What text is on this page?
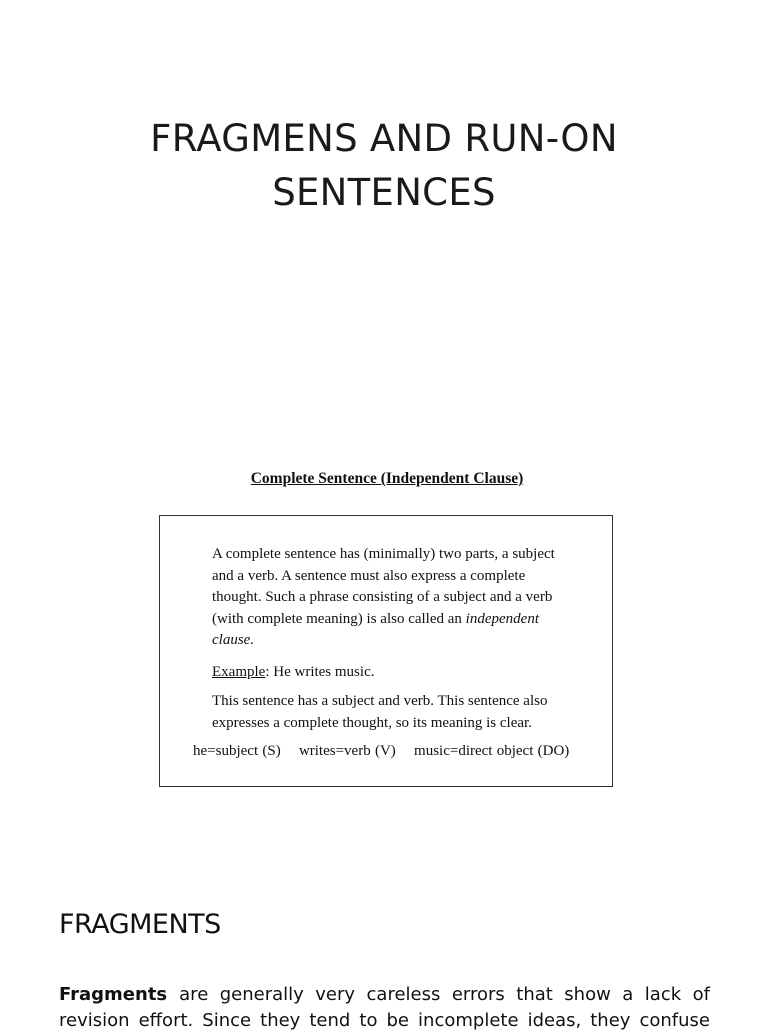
FRAGMENS AND RUN-ON
SENTENCES
Complete Sentence (Independent Clause)
A complete sentence has (minimally) two parts, a subject
and a verb. A sentence must also express a complete
thought. Such a phrase consisting of a subject and a verb
(with complete meaning) is also called an independent
clause.
Example: He writes music.
This sentence has a subject and verb. This sentence also
expresses a complete thought, so its meaning is clear.
he=subject (S) writes=verb (V) music=direct object (DO)
FRAGMENTS
Fragments are generally very careless errors that show a lack of
revision effort. Since they tend to be incomplete ideas, they confuse
